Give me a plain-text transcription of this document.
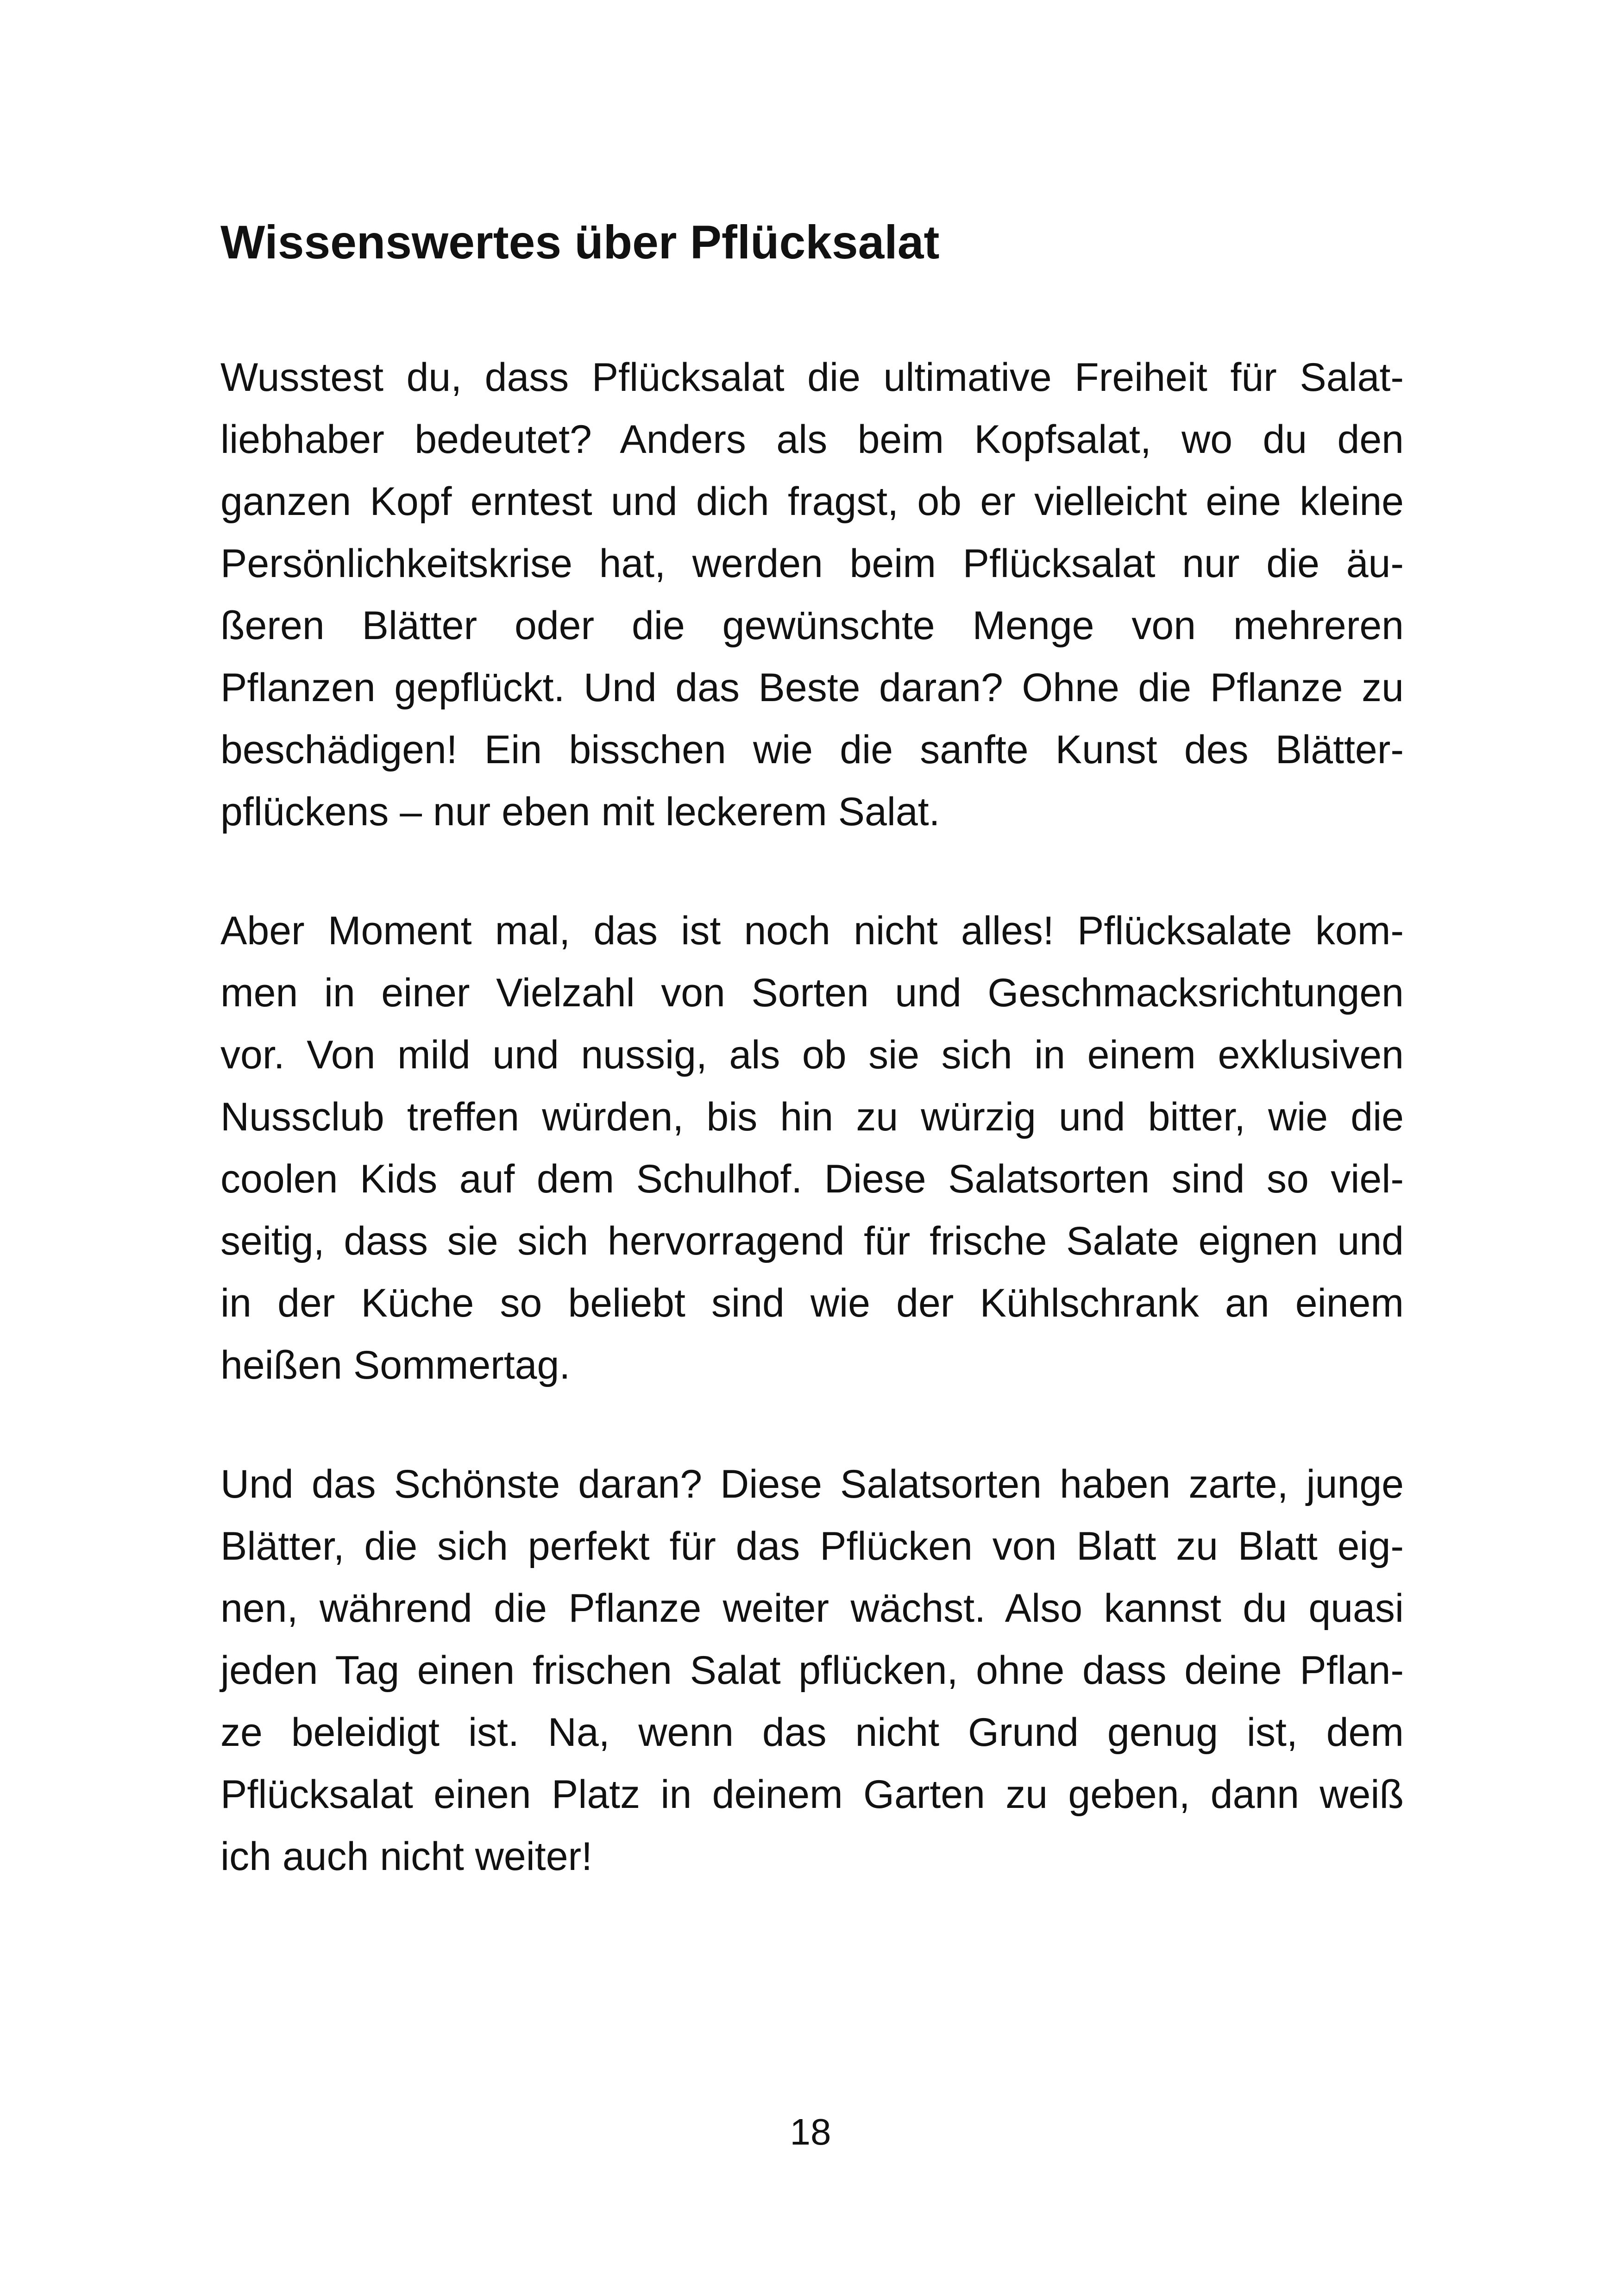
Wissenswertes über Pflücksalat

Wusstest du, dass Pflücksalat die ultimative Freiheit für Salat-
liebhaber bedeutet? Anders als beim Kopfsalat, wo du den
ganzen Kopf erntest und dich fragst, ob er vielleicht eine kleine
Persönlichkeitskrise hat, werden beim Pflücksalat nur die äu-
ßeren Blätter oder die gewünschte Menge von mehreren
Pflanzen gepflückt. Und das Beste daran? Ohne die Pflanze zu
beschädigen! Ein bisschen wie die sanfte Kunst des Blätter-
pflückens – nur eben mit leckerem Salat.

Aber Moment mal, das ist noch nicht alles! Pflücksalate kom-
men in einer Vielzahl von Sorten und Geschmacksrichtungen
vor. Von mild und nussig, als ob sie sich in einem exklusiven
Nussclub treffen würden, bis hin zu würzig und bitter, wie die
coolen Kids auf dem Schulhof. Diese Salatsorten sind so viel-
seitig, dass sie sich hervorragend für frische Salate eignen und
in der Küche so beliebt sind wie der Kühlschrank an einem
heißen Sommertag.

Und das Schönste daran? Diese Salatsorten haben zarte, junge
Blätter, die sich perfekt für das Pflücken von Blatt zu Blatt eig-
nen, während die Pflanze weiter wächst. Also kannst du quasi
jeden Tag einen frischen Salat pflücken, ohne dass deine Pflan-
ze beleidigt ist. Na, wenn das nicht Grund genug ist, dem
Pflücksalat einen Platz in deinem Garten zu geben, dann weiß
ich auch nicht weiter!

18
